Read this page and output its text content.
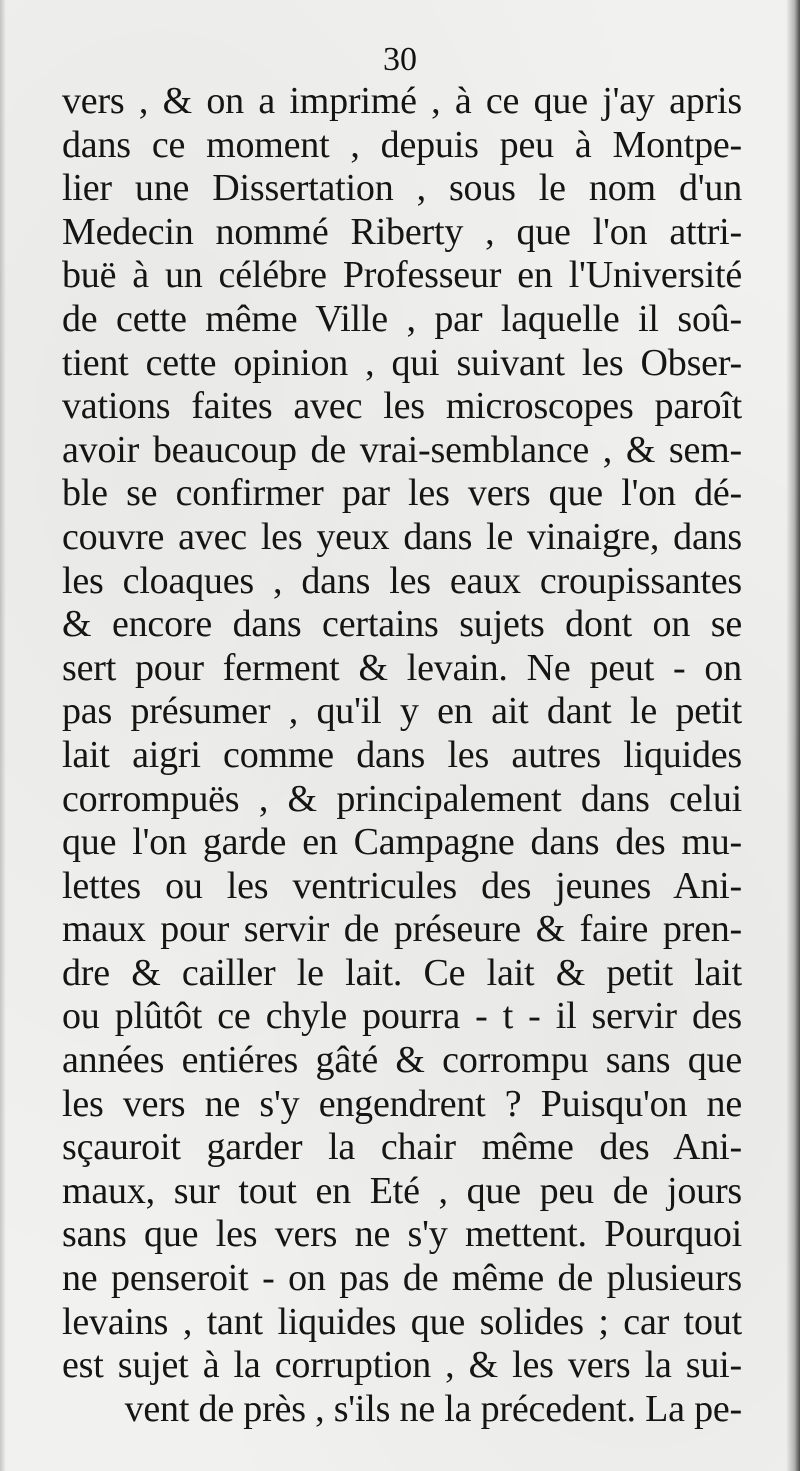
30
vers , & on a imprimé , à ce que j'ay apris
dans ce moment , depuis peu à Montpe-
lier une Dissertation , sous le nom d'un
Medecin nommé Riberty , que l'on attri-
buë à un célébre Professeur en l'Université
de cette même Ville , par laquelle il soû-
tient cette opinion , qui suivant les Obser-
vations faites avec les microscopes paroît
avoir beaucoup de vrai-semblance , & sem-
ble se confirmer par les vers que l'on dé-
couvre avec les yeux dans le vinaigre, dans
les cloaques , dans les eaux croupissantes
& encore dans certains sujets dont on se
sert pour ferment & levain. Ne peut - on
pas présumer , qu'il y en ait dant le petit
lait aigri comme dans les autres liquides
corrompuës , & principalement dans celui
que l'on garde en Campagne dans des mu-
lettes ou les ventricules des jeunes Ani-
maux pour servir de préseure & faire pren-
dre & cailler le lait. Ce lait & petit lait
ou plûtôt ce chyle pourra - t - il servir des
années entiéres gâté & corrompu sans que
les vers ne s'y engendrent ? Puisqu'on ne
sçauroit garder la chair même des Ani-
maux, sur tout en Eté , que peu de jours
sans que les vers ne s'y mettent. Pourquoi
ne penseroit - on pas de même de plusieurs
levains , tant liquides que solides ; car tout
est sujet à la corruption , & les vers la sui-
vent de près , s'ils ne la précedent. La pe-
